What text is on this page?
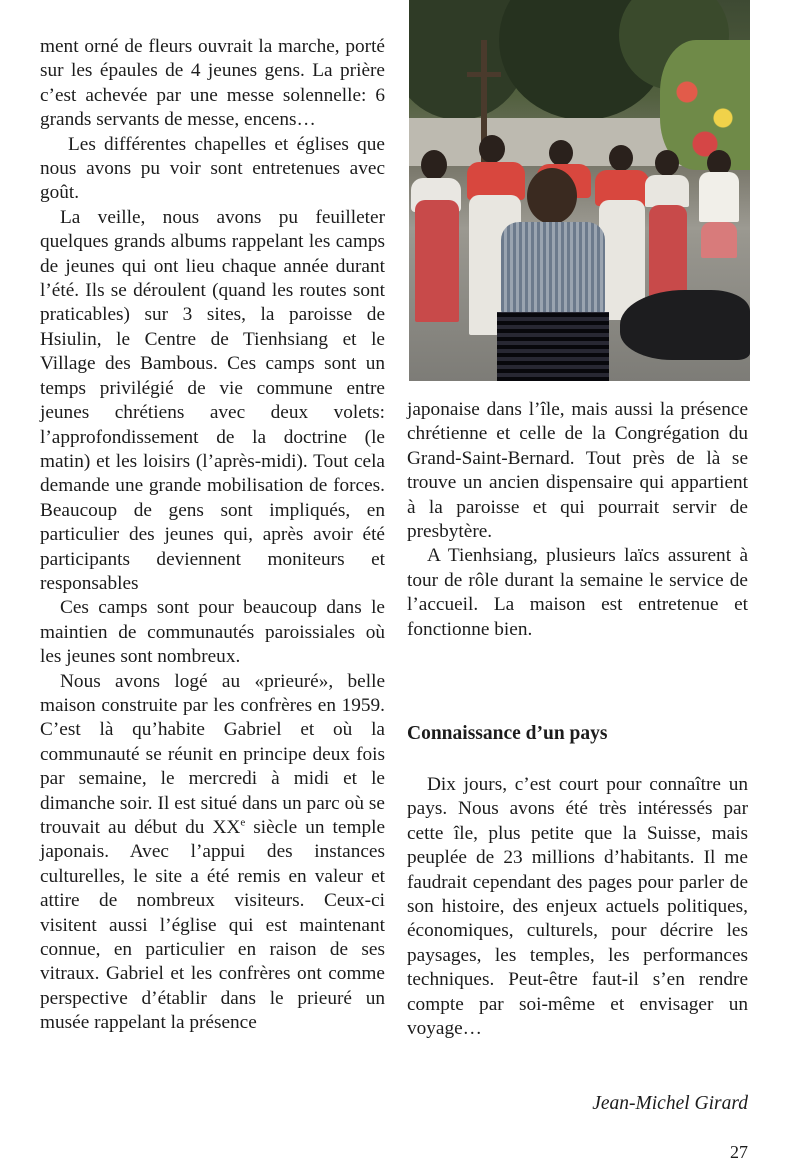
ment orné de fleurs ouvrait la marche, porté sur les épaules de 4 jeunes gens. La prière c’est achevée par une messe solennelle: 6 grands servants de messe, encens…

Les différentes chapelles et églises que nous avons pu voir sont entretenues avec goût.

La veille, nous avons pu feuilleter quelques grands albums rappelant les camps de jeunes qui ont lieu chaque année durant l’été. Ils se déroulent (quand les routes sont praticables) sur 3 sites, la paroisse de Hsiulin, le Centre de Tienhsiang et le Village des Bambous. Ces camps sont un temps privilégié de vie commune entre jeunes chrétiens avec deux volets: l’approfondissement de la doctrine (le matin) et les loisirs (l’après-midi). Tout cela demande une grande mobilisation de forces. Beaucoup de gens sont impliqués, en particulier des jeunes qui, après avoir été participants deviennent moniteurs et responsables

Ces camps sont pour beaucoup dans le maintien de communautés paroissiales où les jeunes sont nombreux.

Nous avons logé au «prieuré», belle maison construite par les confrères en 1959. C’est là qu’habite Gabriel et où la communauté se réunit en principe deux fois par semaine, le mercredi à midi et le dimanche soir. Il est situé dans un parc où se trouvait au début du XXe siècle un temple japonais. Avec l’appui des instances culturelles, le site a été remis en valeur et attire de nombreux visiteurs. Ceux-ci visitent aussi l’église qui est maintenant connue, en particulier en raison de ses vitraux. Gabriel et les confrères ont comme perspective d’établir dans le prieuré un musée rappelant la présence

japonaise dans l’île, mais aussi la présence chrétienne et celle de la Congrégation du Grand-Saint-Bernard. Tout près de là se trouve un ancien dispensaire qui appartient à la paroisse et qui pourrait servir de presbytère.

A Tienhsiang, plusieurs laïcs assurent à tour de rôle durant la semaine le service de l’accueil. La maison est entretenue et fonctionne bien.

Connaissance d’un pays

Dix jours, c’est court pour connaître un pays. Nous avons été très intéressés par cette île, plus petite que la Suisse, mais peuplée de 23 millions d’habitants. Il me faudrait cependant des pages pour parler de son histoire, des enjeux actuels politiques, économiques, culturels, pour décrire les paysages, les temples, les performances techniques. Peut-être faut-il s’en rendre compte par soi-même et envisager un voyage…

Jean-Michel Girard
27
